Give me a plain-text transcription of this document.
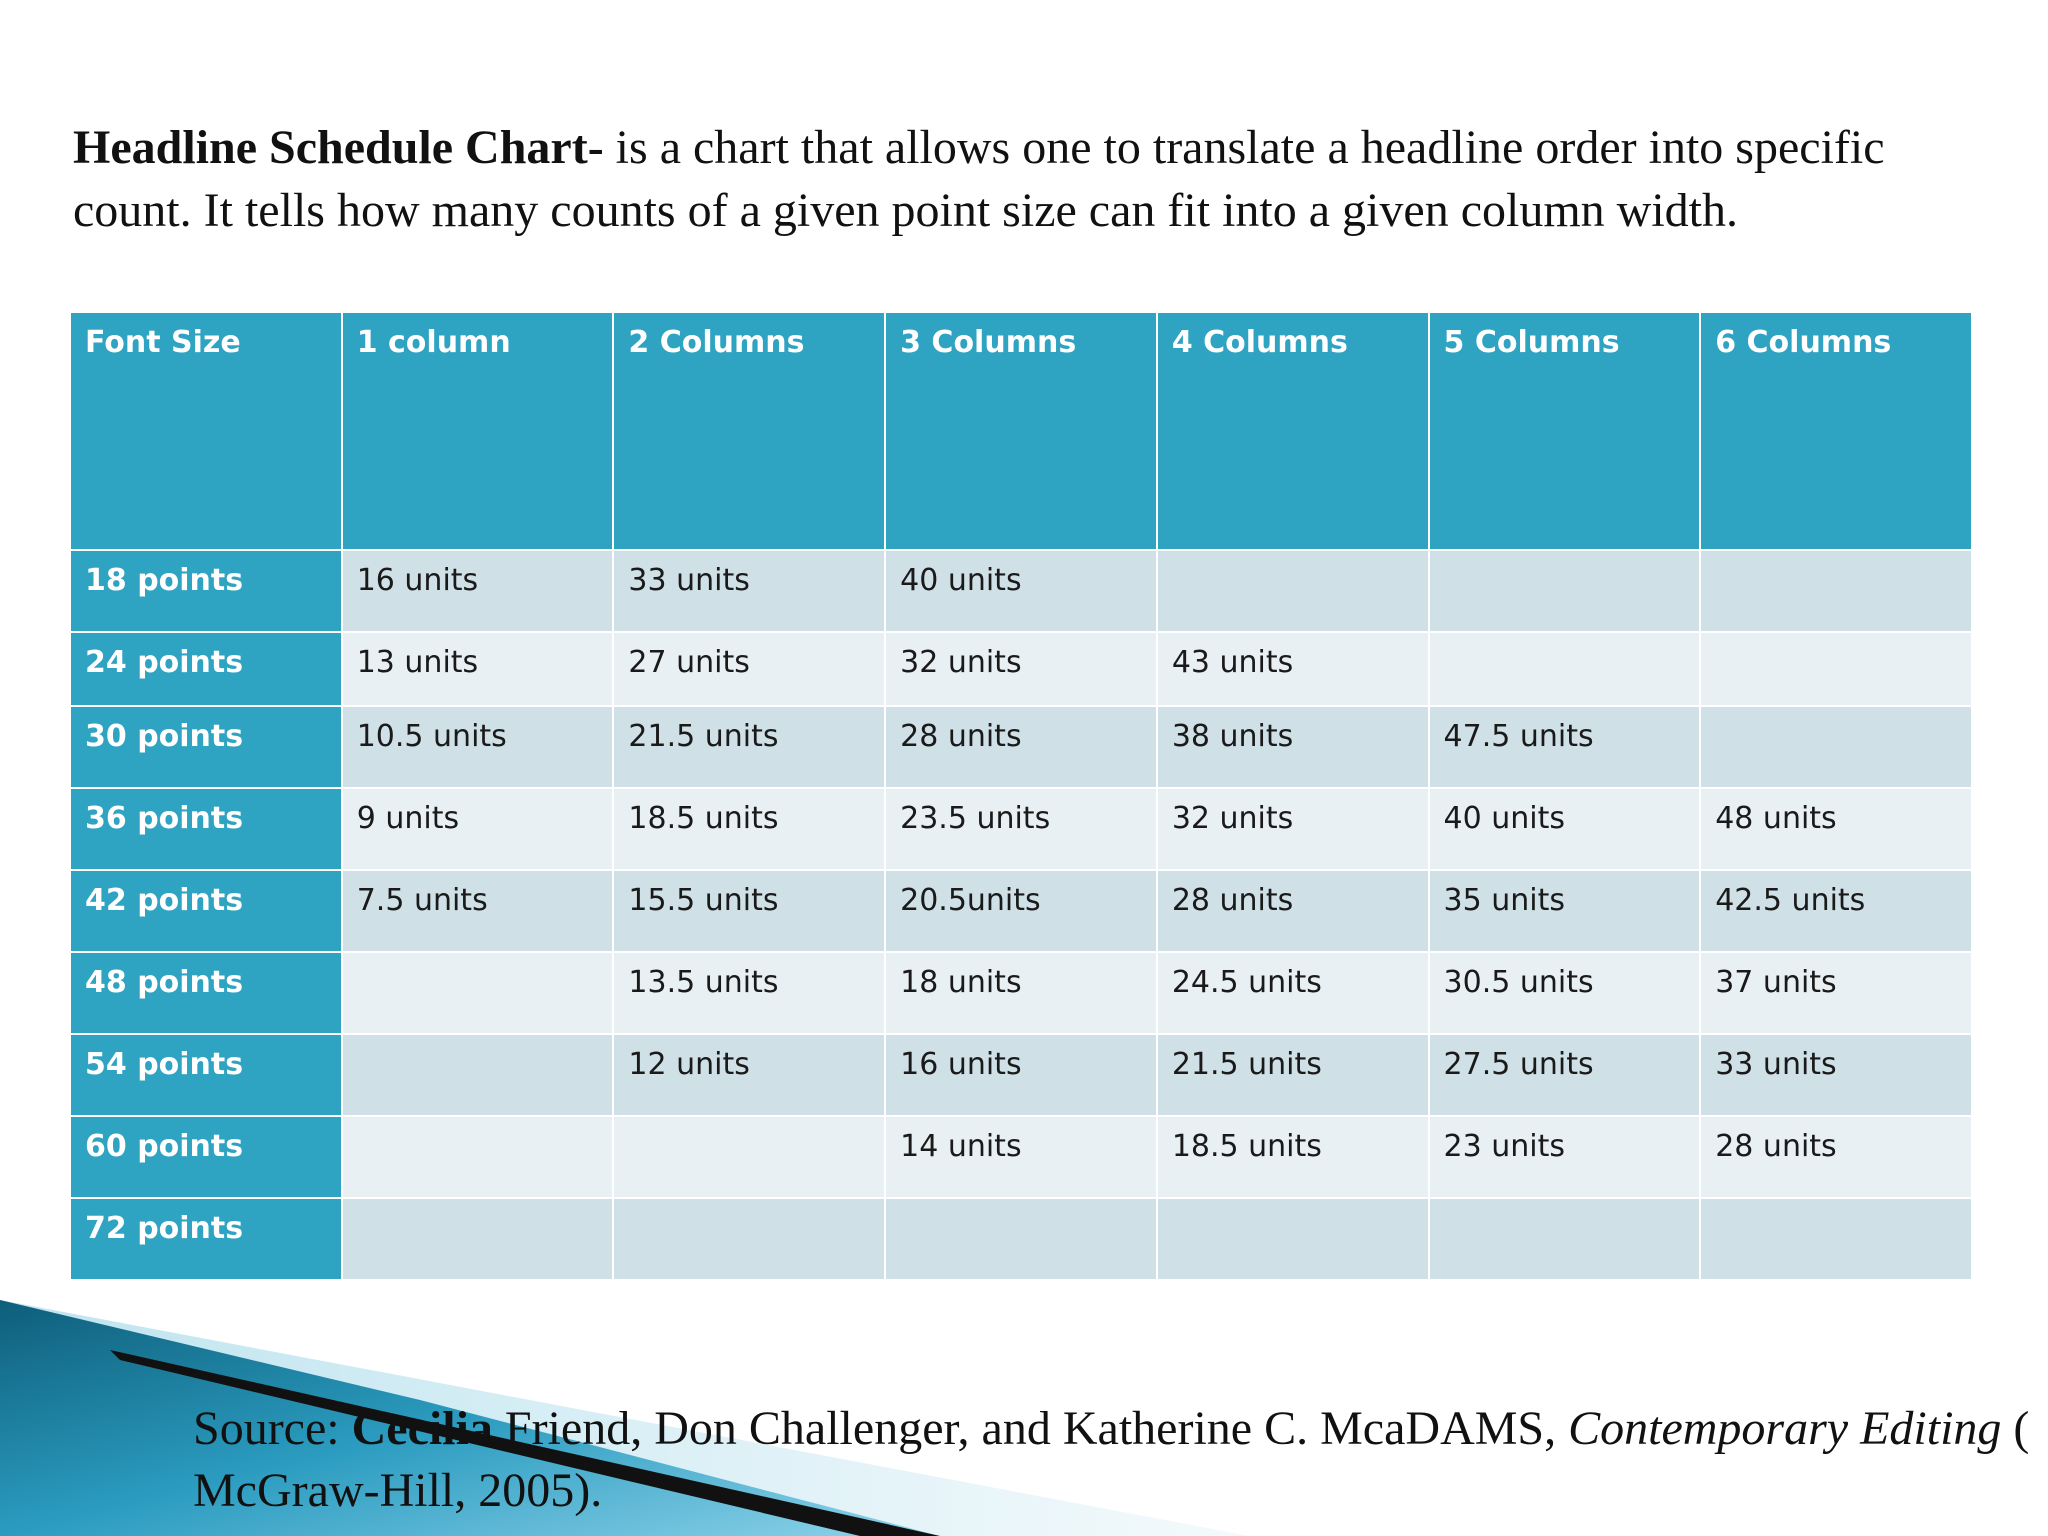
Headline Schedule Chart- is a chart that allows one to translate a headline order into specific count. It tells how many counts of a given point size can fit into a given column width.
Font Size	1 column	2 Columns	3 Columns	4 Columns	5 Columns	6 Columns
18 points	16 units	33 units	40 units			
24 points	13 units	27 units	32 units	43 units		
30 points	10.5 units	21.5 units	28 units	38 units	47.5 units	
36 points	9 units	18.5 units	23.5 units	32 units	40 units	48 units
42 points	7.5 units	15.5 units	20.5units	28 units	35 units	42.5 units
48 points		13.5 units	18 units	24.5 units	30.5 units	37 units
54 points		12 units	16 units	21.5 units	27.5 units	33 units
60 points			14 units	18.5 units	23 units	28 units
72 points						
Source: Cecilia Friend, Don Challenger, and Katherine C. McaDAMS, Contemporary Editing ( McGraw-Hill, 2005).
